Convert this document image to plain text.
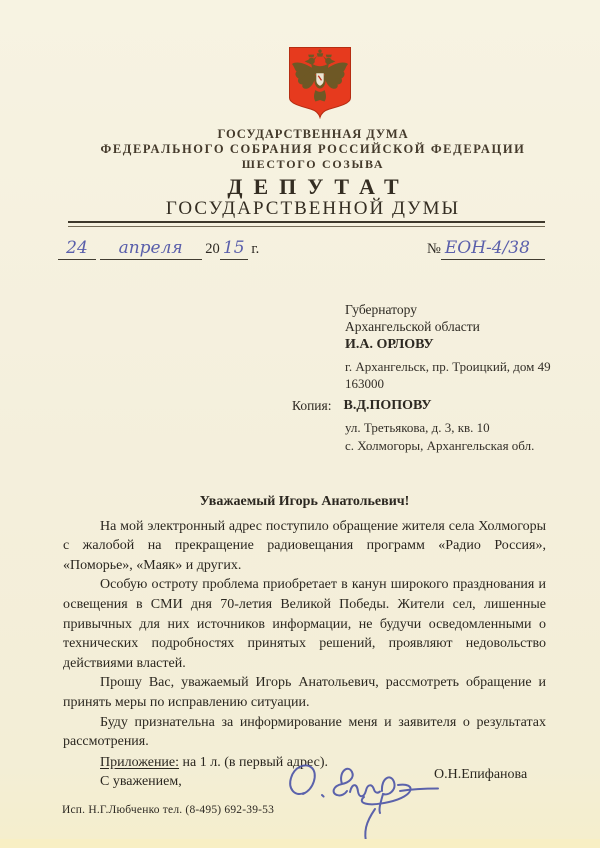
ГОСУДАРСТВЕННАЯ ДУМА
ФЕДЕРАЛЬНОГО СОБРАНИЯ РОССИЙСКОЙ ФЕДЕРАЦИИ
ШЕСТОГО СОЗЫВА
ДЕПУТАТ
ГОСУДАРСТВЕННОЙ ДУМЫ
24 апреля 20 15 г.	№ ЕОН-4/38
Губернатору
Архангельской области
И.А. ОРЛОВУ
г. Архангельск, пр. Троицкий, дом 49
163000
Копия: В.Д.ПОПОВУ
ул. Третьякова, д. 3, кв. 10
с. Холмогоры, Архангельская обл.
Уважаемый Игорь Анатольевич!

На мой электронный адрес поступило обращение жителя села Холмогоры с жалобой на прекращение радиовещания программ «Радио Россия», «Поморье», «Маяк» и других.

Особую остроту проблема приобретает в канун широкого празднования и освещения в СМИ дня 70-летия Великой Победы. Жители сел, лишенные привычных для них источников информации, не будучи осведомленными о технических подробностях принятых решений, проявляют недовольство действиями властей.

Прошу Вас, уважаемый Игорь Анатольевич, рассмотреть обращение и принять меры по исправлению ситуации.

Буду признательна за информирование меня и заявителя о результатах рассмотрения.

Приложение: на 1 л. (в первый адрес).
С уважением,	О.Н.Епифанова
Исп. Н.Г.Любченко тел. (8-495) 692-39-53
